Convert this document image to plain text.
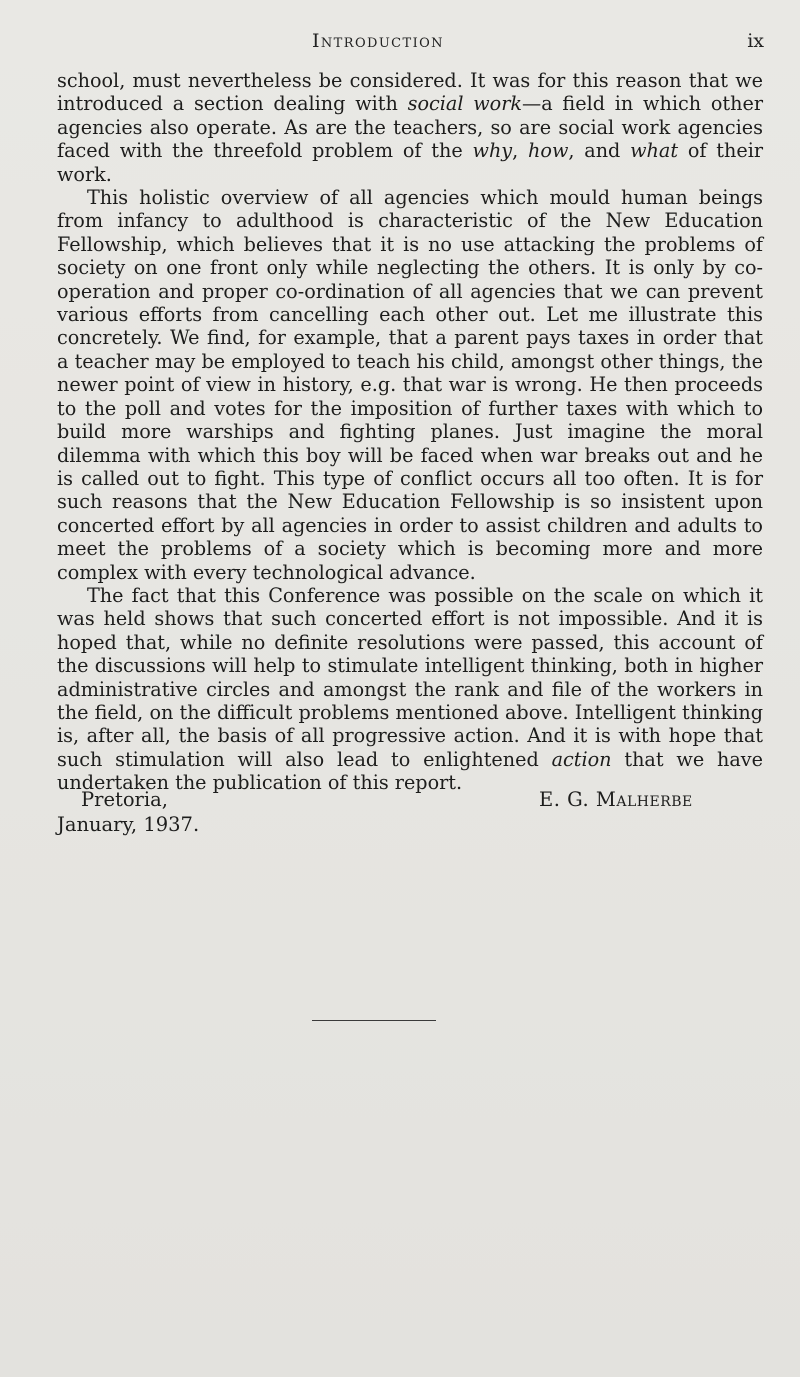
Introduction	ix

school, must nevertheless be considered. It was for this reason that we introduced a section dealing with social work—a field in which other agencies also operate. As are the teachers, so are social work agencies faced with the threefold problem of the why, how, and what of their work.

This holistic overview of all agencies which mould human beings from infancy to adulthood is characteristic of the New Education Fellowship, which believes that it is no use attacking the problems of society on one front only while neglecting the others. It is only by co-operation and proper co-ordination of all agencies that we can prevent various efforts from cancelling each other out. Let me illustrate this concretely. We find, for example, that a parent pays taxes in order that a teacher may be employed to teach his child, amongst other things, the newer point of view in history, e.g. that war is wrong. He then proceeds to the poll and votes for the imposition of further taxes with which to build more warships and fighting planes. Just imagine the moral dilemma with which this boy will be faced when war breaks out and he is called out to fight. This type of conflict occurs all too often. It is for such reasons that the New Education Fellowship is so insistent upon concerted effort by all agencies in order to assist children and adults to meet the problems of a society which is becoming more and more complex with every technological advance.

The fact that this Conference was possible on the scale on which it was held shows that such concerted effort is not impossible. And it is hoped that, while no definite resolutions were passed, this account of the discussions will help to stimulate intelligent thinking, both in higher administrative circles and amongst the rank and file of the workers in the field, on the difficult problems mentioned above. Intelligent thinking is, after all, the basis of all progressive action. And it is with hope that such stimulation will also lead to enlightened action that we have undertaken the publication of this report.

Pretoria,
January, 1937.
E. G. Malherbe
